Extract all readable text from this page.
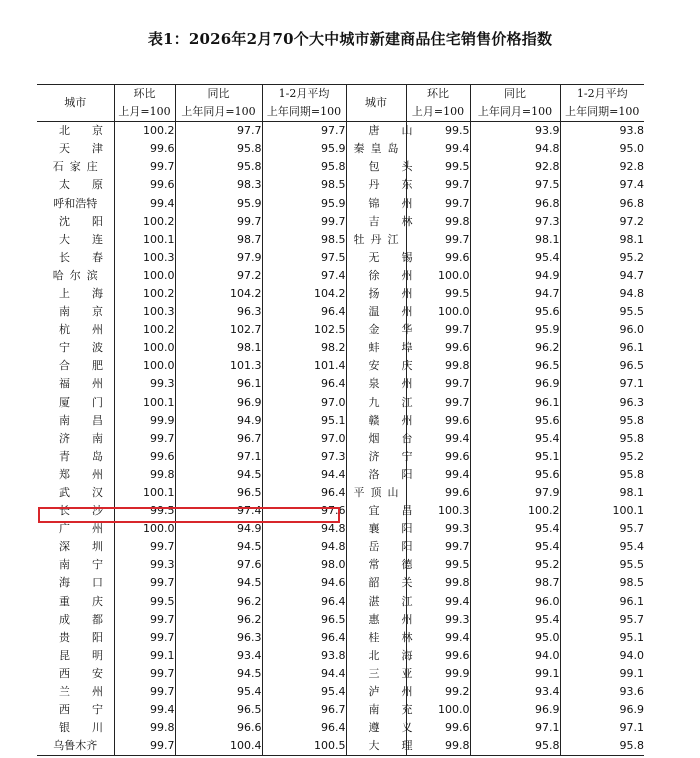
表1：2026年2月70个大中城市新建商品住宅销售价格指数
城市	环比	同比	1-2月平均	城市	环比	同比	1-2月平均
	上月=100	上年同月=100	上年同期=100		上月=100	上年同月=100	上年同期=100
北京	100.2	97.7	97.7	唐山	99.5	93.9	93.8
天津	99.6	95.8	95.9	秦皇岛	99.4	94.8	95.0
石家庄	99.7	95.8	95.8	包头	99.5	92.8	92.8
太原	99.6	98.3	98.5	丹东	99.7	97.5	97.4
呼和浩特	99.4	95.9	95.9	锦州	99.7	96.8	96.8
沈阳	100.2	99.7	99.7	吉林	99.8	97.3	97.2
大连	100.1	98.7	98.5	牡丹江	99.7	98.1	98.1
长春	100.3	97.9	97.5	无锡	99.6	95.4	95.2
哈尔滨	100.0	97.2	97.4	徐州	100.0	94.9	94.7
上海	100.2	104.2	104.2	扬州	99.5	94.7	94.8
南京	100.3	96.3	96.4	温州	100.0	95.6	95.5
杭州	100.2	102.7	102.5	金华	99.7	95.9	96.0
宁波	100.0	98.1	98.2	蚌埠	99.6	96.2	96.1
合肥	100.0	101.3	101.4	安庆	99.8	96.5	96.5
福州	99.3	96.1	96.4	泉州	99.7	96.9	97.1
厦门	100.1	96.9	97.0	九江	99.7	96.1	96.3
南昌	99.9	94.9	95.1	赣州	99.6	95.6	95.8
济南	99.7	96.7	97.0	烟台	99.4	95.4	95.8
青岛	99.6	97.1	97.3	济宁	99.6	95.1	95.2
郑州	99.8	94.5	94.4	洛阳	99.4	95.6	95.8
武汉	100.1	96.5	96.4	平顶山	99.6	97.9	98.1
长沙	99.5	97.4	97.6	宜昌	100.3	100.2	100.1
广州	100.0	94.9	94.8	襄阳	99.3	95.4	95.7
深圳	99.7	94.5	94.8	岳阳	99.7	95.4	95.4
南宁	99.3	97.6	98.0	常德	99.5	95.2	95.5
海口	99.7	94.5	94.6	韶关	99.8	98.7	98.5
重庆	99.5	96.2	96.4	湛江	99.4	96.0	96.1
成都	99.7	96.2	96.5	惠州	99.3	95.4	95.7
贵阳	99.7	96.3	96.4	桂林	99.4	95.0	95.1
昆明	99.1	93.4	93.8	北海	99.6	94.0	94.0
西安	99.7	94.5	94.4	三亚	99.9	99.1	99.1
兰州	99.7	95.4	95.4	泸州	99.2	93.4	93.6
西宁	99.4	96.5	96.7	南充	100.0	96.9	96.9
银川	99.8	96.6	96.4	遵义	99.6	97.1	97.1
乌鲁木齐	99.7	100.4	100.5	大理	99.8	95.8	95.8
